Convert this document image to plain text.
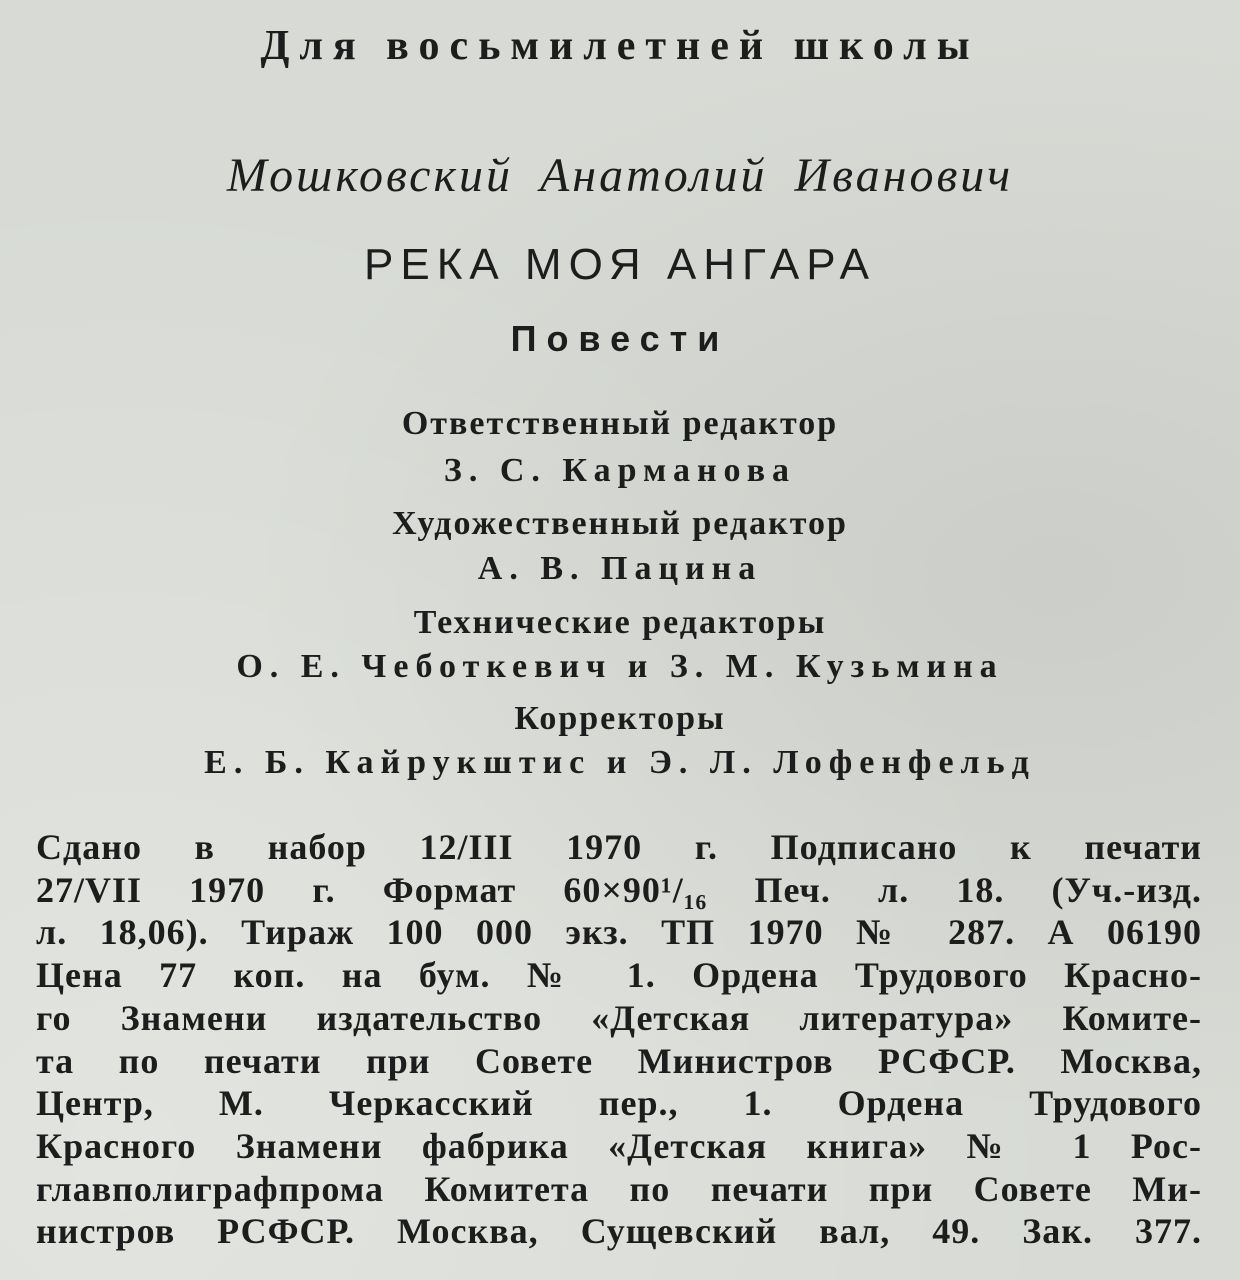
Для восьмилетней школы
Мошковский Анатолий Иванович
РЕКА МОЯ АНГАРА
Повести
Ответственный редактор
З. С. Карманова
Художественный редактор
А. В. Пацина
Технические редакторы
О. Е. Чеботкевич и З. М. Кузьмина
Корректоры
Е. Б. Кайрукштис и Э. Л. Лофенфельд
Сдано в набор 12/III 1970 г. Подписано к печати
27/VII 1970 г. Формат 60×90¹/₁₆ Печ. л. 18. (Уч.-изд.
л. 18,06). Тираж 100 000 экз. ТП 1970 № 287. А 06190
Цена 77 коп. на бум. № 1. Ордена Трудового Красно-
го Знамени издательство «Детская литература» Комите-
та по печати при Совете Министров РСФСР. Москва,
Центр, М. Черкасский пер., 1. Ордена Трудового
Красного Знамени фабрика «Детская книга» № 1 Рос-
главполиграфпрома Комитета по печати при Совете Ми-
нистров РСФСР. Москва, Сущевский вал, 49. Зак. 377.
